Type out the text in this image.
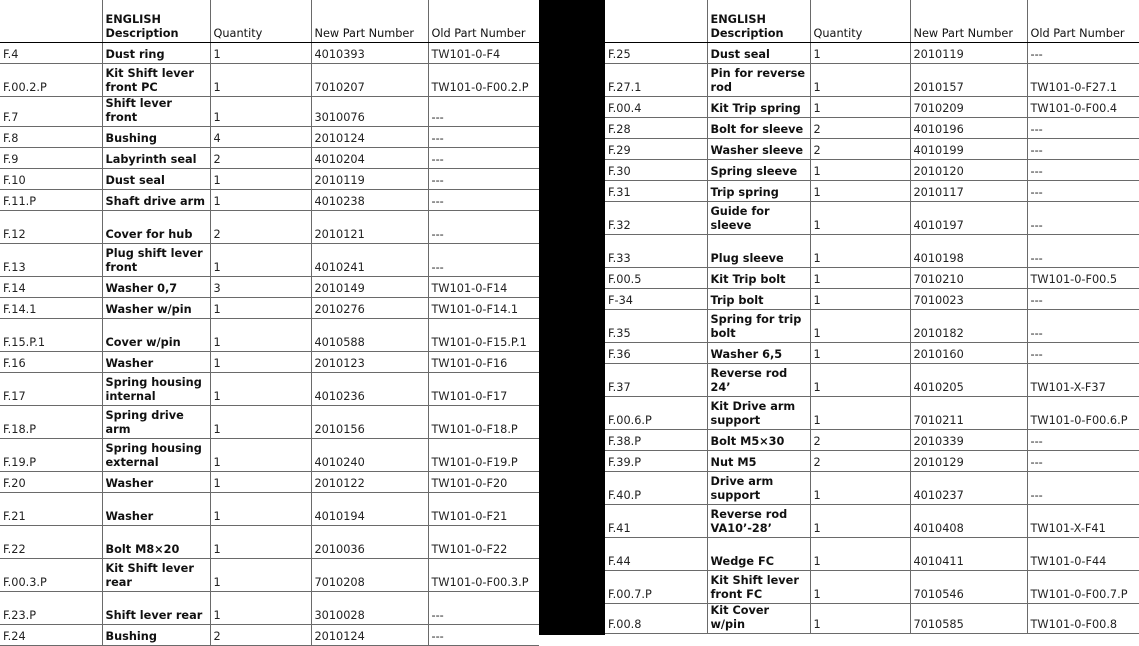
	ENGLISH Description	Quantity	New Part Number	Old Part Number
F.4	Dust ring	1	4010393	TW101-0-F4
F.00.2.P	Kit Shift lever front PC	1	7010207	TW101-0-F00.2.P
F.7	Shift lever front	1	3010076	---
F.8	Bushing	4	2010124	---
F.9	Labyrinth seal	2	4010204	---
F.10	Dust seal	1	2010119	---
F.11.P	Shaft drive arm	1	4010238	---
F.12	Cover for hub	2	2010121	---
F.13	Plug shift lever front	1	4010241	---
F.14	Washer 0,7	3	2010149	TW101-0-F14
F.14.1	Washer w/pin	1	2010276	TW101-0-F14.1
F.15.P.1	Cover w/pin	1	4010588	TW101-0-F15.P.1
F.16	Washer	1	2010123	TW101-0-F16
F.17	Spring housing internal	1	4010236	TW101-0-F17
F.18.P	Spring drive arm	1	2010156	TW101-0-F18.P
F.19.P	Spring housing external	1	4010240	TW101-0-F19.P
F.20	Washer	1	2010122	TW101-0-F20
F.21	Washer	1	4010194	TW101-0-F21
F.22	Bolt M8×20	1	2010036	TW101-0-F22
F.00.3.P	Kit Shift lever rear	1	7010208	TW101-0-F00.3.P
F.23.P	Shift lever rear	1	3010028	---
F.24	Bushing	2	2010124	---
	ENGLISH Description	Quantity	New Part Number	Old Part Number
F.25	Dust seal	1	2010119	---
F.27.1	Pin for reverse rod	1	2010157	TW101-0-F27.1
F.00.4	Kit Trip spring	1	7010209	TW101-0-F00.4
F.28	Bolt for sleeve	2	4010196	---
F.29	Washer sleeve	2	4010199	---
F.30	Spring sleeve	1	2010120	---
F.31	Trip spring	1	2010117	---
F.32	Guide for sleeve	1	4010197	---
F.33	Plug sleeve	1	4010198	---
F.00.5	Kit Trip bolt	1	7010210	TW101-0-F00.5
F-34	Trip bolt	1	7010023	---
F.35	Spring for trip bolt	1	2010182	---
F.36	Washer 6,5	1	2010160	---
F.37	Reverse rod 24’	1	4010205	TW101-X-F37
F.00.6.P	Kit Drive arm support	1	7010211	TW101-0-F00.6.P
F.38.P	Bolt M5×30	2	2010339	---
F.39.P	Nut M5	2	2010129	---
F.40.P	Drive arm support	1	4010237	---
F.41	Reverse rod VA10’-28’	1	4010408	TW101-X-F41
F.44	Wedge FC	1	4010411	TW101-0-F44
F.00.7.P	Kit Shift lever front FC	1	7010546	TW101-0-F00.7.P
F.00.8	Kit Cover w/pin	1	7010585	TW101-0-F00.8
